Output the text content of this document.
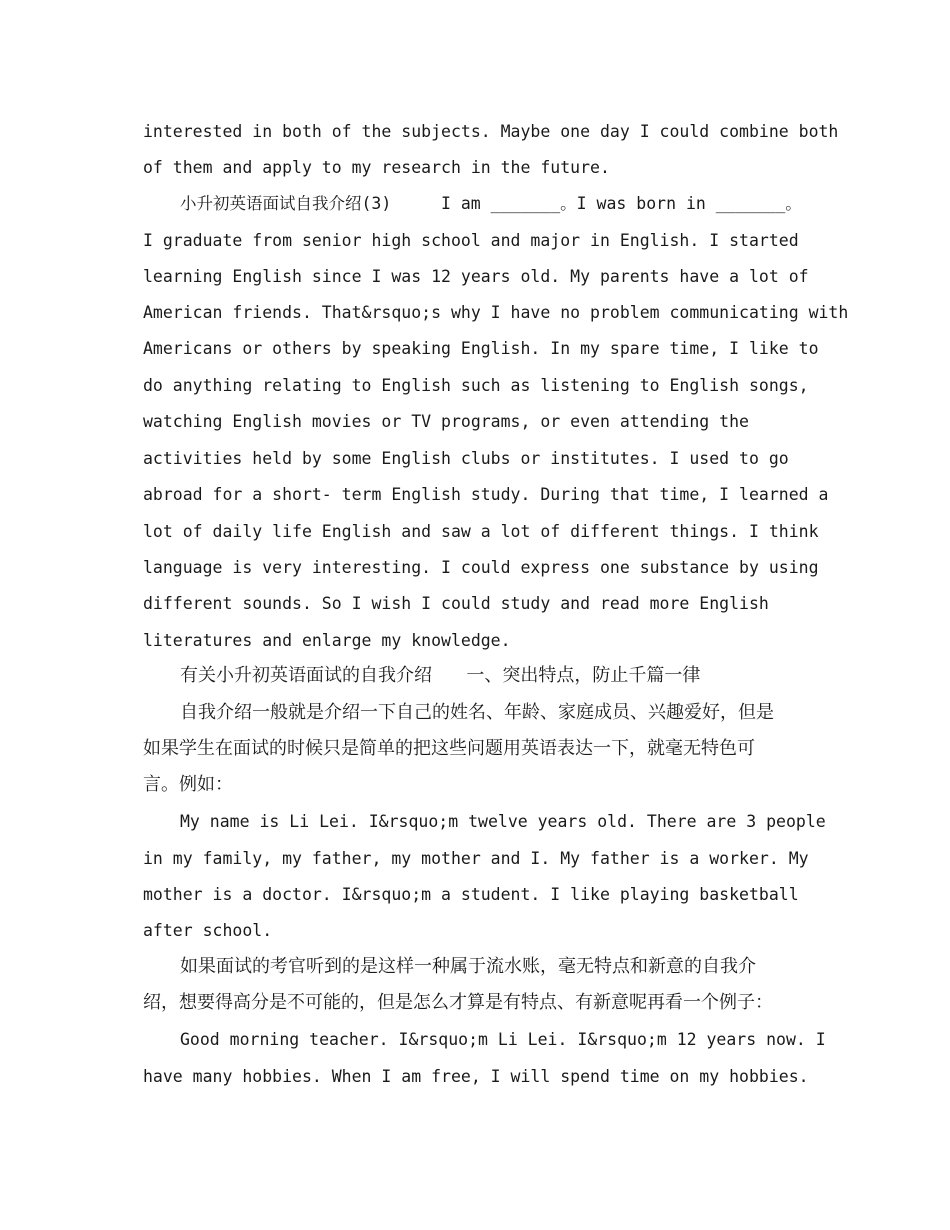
interested in both of the subjects. Maybe one day I could combine both
of them and apply to my research in the future.
小升初英语面试自我介绍(3)     I am _______。I was born in _______。
I graduate from senior high school and major in English. I started
learning English since I was 12 years old. My parents have a lot of
American friends. That&rsquo;s why I have no problem communicating with
Americans or others by speaking English. In my spare time, I like to
do anything relating to English such as listening to English songs,
watching English movies or TV programs, or even attending the
activities held by some English clubs or institutes. I used to go
abroad for a short- term English study. During that time, I learned a
lot of daily life English and saw a lot of different things. I think
language is very interesting. I could express one substance by using
different sounds. So I wish I could study and read more English
literatures and enlarge my knowledge.
有关小升初英语面试的自我介绍      一、突出特点，防止千篇一律
自我介绍一般就是介绍一下自己的姓名、年龄、家庭成员、兴趣爱好，但是
如果学生在面试的时候只是简单的把这些问题用英语表达一下，就毫无特色可
言。例如：
My name is Li Lei. I&rsquo;m twelve years old. There are 3 people
in my family, my father, my mother and I. My father is a worker. My
mother is a doctor. I&rsquo;m a student. I like playing basketball
after school.
如果面试的考官听到的是这样一种属于流水账，毫无特点和新意的自我介
绍，想要得高分是不可能的，但是怎么才算是有特点、有新意呢再看一个例子：
Good morning teacher. I&rsquo;m Li Lei. I&rsquo;m 12 years now. I
have many hobbies. When I am free, I will spend time on my hobbies.
